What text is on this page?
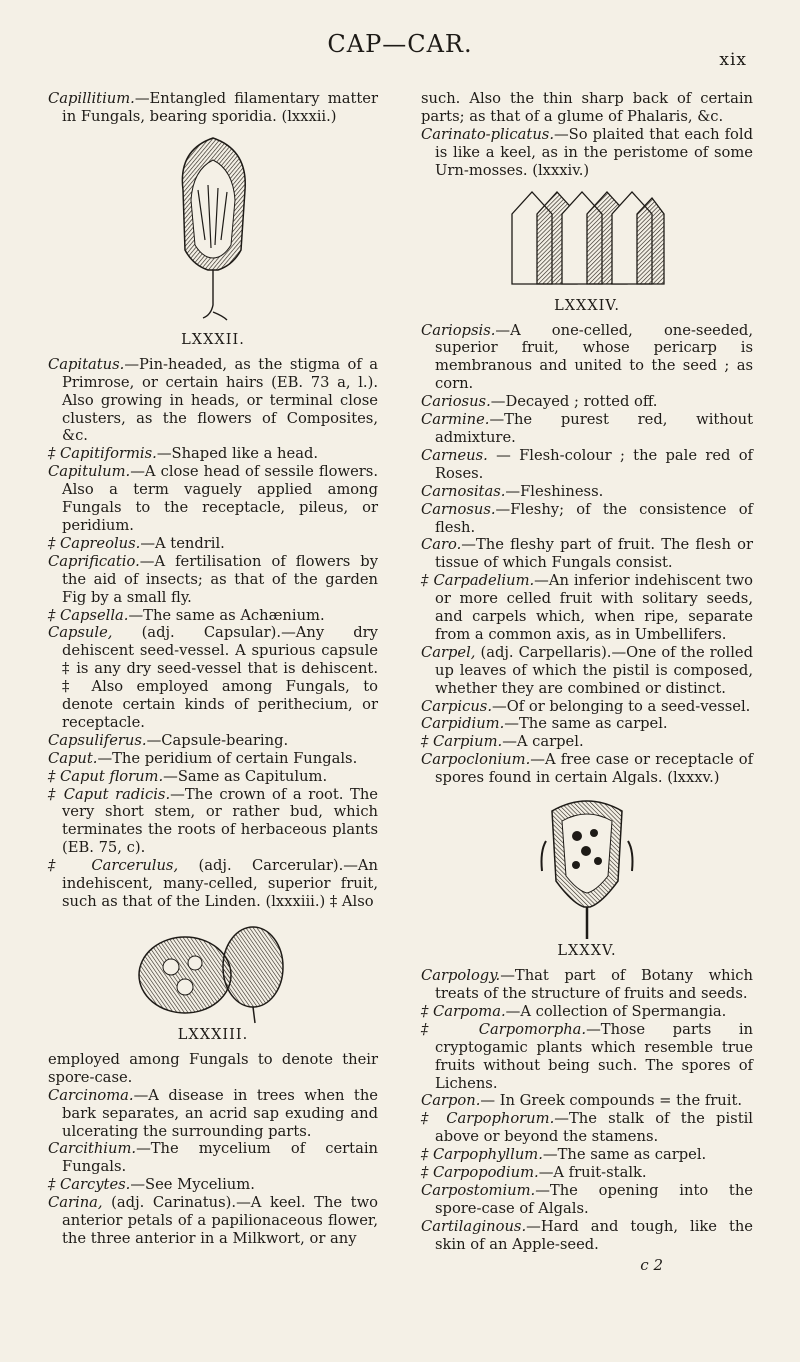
CAP—CAR.
xix

Capillitium.—Entangled filamentary matter in Fungals, bearing sporidia. (lxxxii.)

LXXXII.

Capitatus.—Pin-headed, as the stigma of a Primrose, or certain hairs (EB. 73 a, l.). Also growing in heads, or terminal close clusters, as the flowers of Composites, &c.

‡ Capitiformis.—Shaped like a head.

Capitulum.—A close head of sessile flowers. Also a term vaguely applied among Fungals to the receptacle, pileus, or peridium.

‡ Capreolus.—A tendril.

Caprificatio.—A fertilisation of flowers by the aid of insects; as that of the garden Fig by a small fly.

‡ Capsella.—The same as Achænium.

Capsule, (adj. Capsular).—Any dry dehiscent seed-vessel. A spurious capsule ‡ is any dry seed-vessel that is dehiscent. ‡ Also employed among Fungals, to denote certain kinds of perithecium, or receptacle.

Capsuliferus.—Capsule-bearing.

Caput.—The peridium of certain Fungals.

‡ Caput florum.—Same as Capitulum.

‡ Caput radicis.—The crown of a root. The very short stem, or rather bud, which terminates the roots of herbaceous plants (EB. 75, c).

‡ Carcerulus, (adj. Carcerular).—An indehiscent, many-celled, superior fruit, such as that of the Linden. (lxxxiii.) ‡ Also

LXXXIII.

employed among Fungals to denote their spore-case.

Carcinoma.—A disease in trees when the bark separates, an acrid sap exuding and ulcerating the surrounding parts.

Carcithium.—The mycelium of certain Fungals.

‡ Carcytes.—See Mycelium.

Carina, (adj. Carinatus).—A keel. The two anterior petals of a papilionaceous flower, the three anterior in a Milkwort, or any

such. Also the thin sharp back of certain parts; as that of a glume of Phalaris, &c.

Carinato-plicatus.—So plaited that each fold is like a keel, as in the peristome of some Urn-mosses. (lxxxiv.)

LXXXIV.

Cariopsis.—A one-celled, one-seeded, superior fruit, whose pericarp is membranous and united to the seed ; as corn.

Cariosus.—Decayed ; rotted off.

Carmine.—The purest red, without admixture.

Carneus. — Flesh-colour ; the pale red of Roses.

Carnositas.—Fleshiness.

Carnosus.—Fleshy; of the consistence of flesh.

Caro.—The fleshy part of fruit. The flesh or tissue of which Fungals consist.

‡ Carpadelium.—An inferior indehiscent two or more celled fruit with solitary seeds, and carpels which, when ripe, separate from a common axis, as in Umbellifers.

Carpel, (adj. Carpellaris).—One of the rolled up leaves of which the pistil is composed, whether they are combined or distinct.

Carpicus.—Of or belonging to a seed-vessel.

Carpidium.—The same as carpel.

‡ Carpium.—A carpel.

Carpoclonium.—A free case or receptacle of spores found in certain Algals. (lxxxv.)

LXXXV.

Carpology.—That part of Botany which treats of the structure of fruits and seeds.

‡ Carpoma.—A collection of Spermangia.

‡ Carpomorpha.—Those parts in cryptogamic plants which resemble true fruits without being such. The spores of Lichens.

Carpon.— In Greek compounds = the fruit.

‡ Carpophorum.—The stalk of the pistil above or beyond the stamens.

‡ Carpophyllum.—The same as carpel.

‡ Carpopodium.—A fruit-stalk.

Carpostomium.—The opening into the spore-case of Algals.

Cartilaginous.—Hard and tough, like the skin of an Apple-seed.

c 2
